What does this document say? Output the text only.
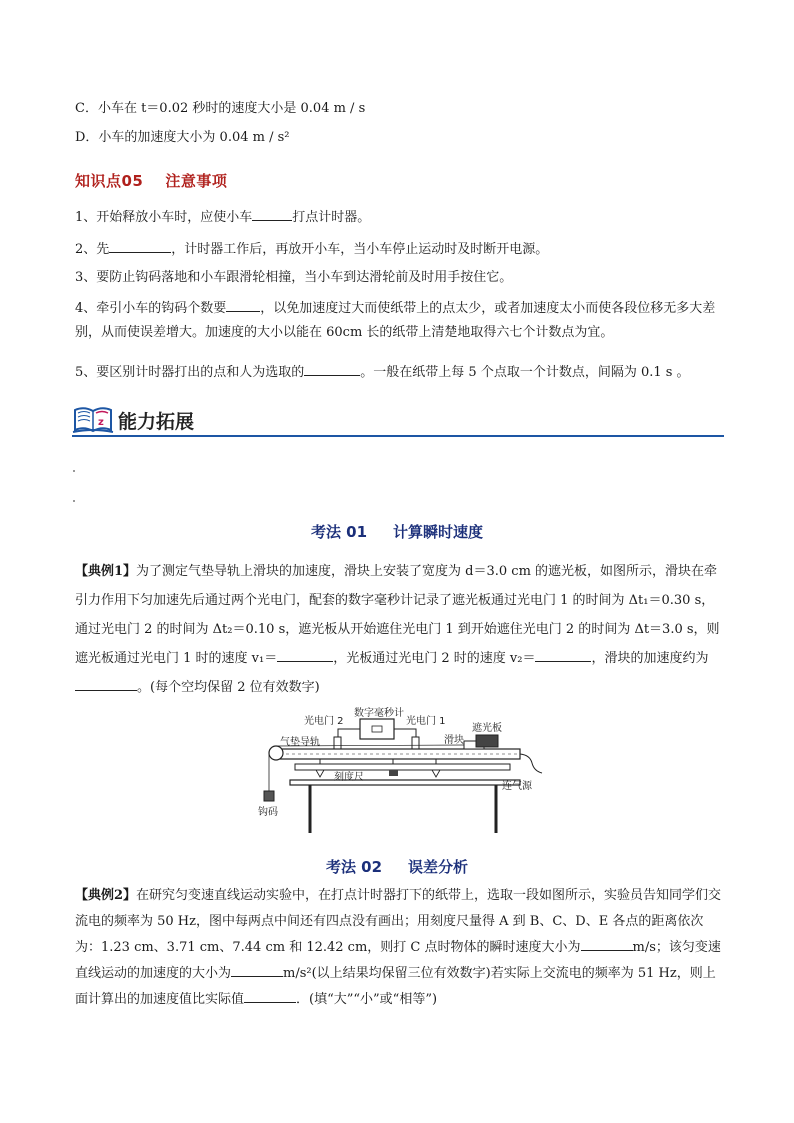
C．小车在 t＝0.02 秒时的速度大小是 0.04 m / s
D．小车的加速度大小为 0.04 m / s²
知识点05 注意事项
1、开始释放小车时，应使小车	打点计时器。
2、先	，计时器工作后，再放开小车，当小车停止运动时及时断开电源。
3、要防止钩码落地和小车跟滑轮相撞，当小车到达滑轮前及时用手按住它。
4、牵引小车的钩码个数要	，以免加速度过大而使纸带上的点太少，或者加速度太小而使各段位移无多大差别，从而使误差增大。加速度的大小以能在 60cm 长的纸带上清楚地取得六七个计数点为宜。
5、要区别计时器打出的点和人为选取的	。一般在纸带上每 5 个点取一个计数点，间隔为 0.1 s 。
z 能力拓展
考法 01 计算瞬时速度
【典例1】为了测定气垫导轨上滑块的加速度，滑块上安装了宽度为 d＝3.0 cm 的遮光板，如图所示，滑块在牵引力作用下匀加速先后通过两个光电门，配套的数字毫秒计记录了遮光板通过光电门 1 的时间为 Δt₁＝0.30 s，通过光电门 2 的时间为 Δt₂＝0.10 s，遮光板从开始遮住光电门 1 到开始遮住光电门 2 的时间为 Δt＝3.0 s，则遮光板通过光电门 1 时的速度 v₁＝	，光板通过光电门 2 时的速度 v₂＝	，滑块的加速度约为。(每个空均保留 2 位有效数字)
光电门 2
数字毫秒计
光电门 1
气垫导轨	滑块
遮光板
刻度尺
连气源
钩码
考法 02 误差分析
【典例2】在研究匀变速直线运动实验中，在打点计时器打下的纸带上，选取一段如图所示，实验员告知同学们交流电的频率为 50 Hz，图中每两点中间还有四点没有画出；用刻度尺量得 A 到 B、C、D、E 各点的距离依次为：1.23 cm、3.71 cm、7.44 cm 和 12.42 cm，则打 C 点时物体的瞬时速度大小为	m/s；该匀变速直线运动的加速度的大小为	m/s²(以上结果均保留三位有效数字)若实际上交流电的频率为 51 Hz，则上面计算出的加速度值比实际值	．(填“大”“小”或“相等”)
